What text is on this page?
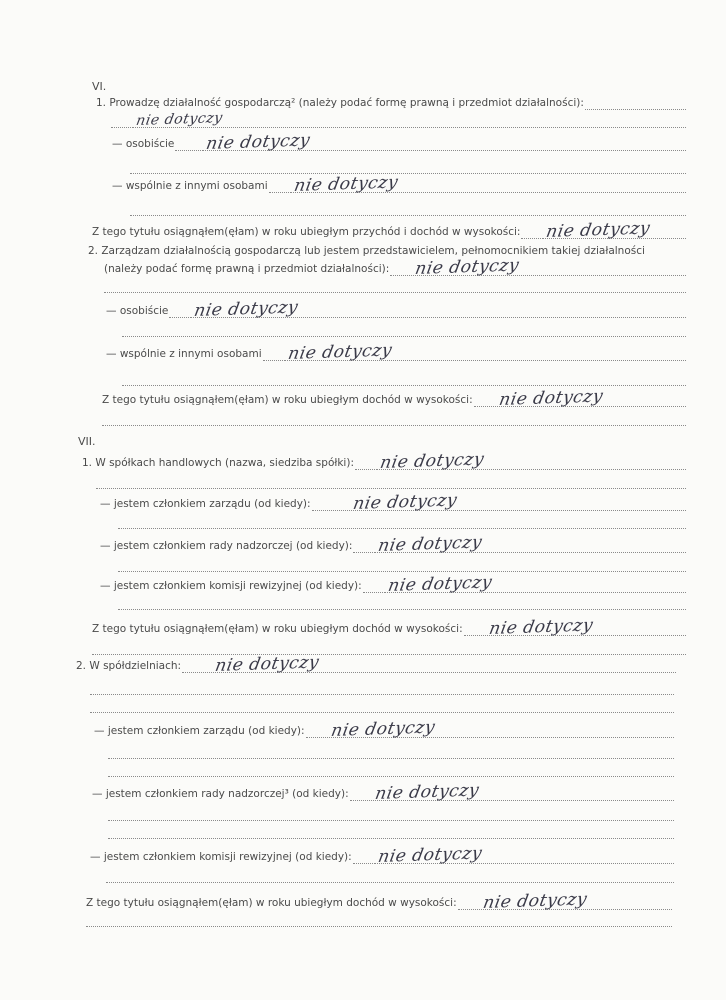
VI.
1. Prowadzę działalność gospodarczą² (należy podać formę prawną i przedmiot działalności):
nie dotyczy
— osobiście nie dotyczy
— wspólnie z innymi osobami nie dotyczy
Z tego tytułu osiągnąłem(ęłam) w roku ubiegłym przychód i dochód w wysokości: nie dotyczy
2. Zarządzam działalnością gospodarczą lub jestem przedstawicielem, pełnomocnikiem takiej działalności
(należy podać formę prawną i przedmiot działalności): nie dotyczy
— osobiście nie dotyczy
— wspólnie z innymi osobami nie dotyczy
Z tego tytułu osiągnąłem(ęłam) w roku ubiegłym dochód w wysokości: nie dotyczy
VII.
1. W spółkach handlowych (nazwa, siedziba spółki): nie dotyczy
— jestem członkiem zarządu (od kiedy): nie dotyczy
— jestem członkiem rady nadzorczej (od kiedy): nie dotyczy
— jestem członkiem komisji rewizyjnej (od kiedy): nie dotyczy
Z tego tytułu osiągnąłem(ęłam) w roku ubiegłym dochód w wysokości: nie dotyczy
2. W spółdzielniach: nie dotyczy
— jestem członkiem zarządu (od kiedy): nie dotyczy
— jestem członkiem rady nadzorczej³ (od kiedy): nie dotyczy
— jestem członkiem komisji rewizyjnej (od kiedy): nie dotyczy
Z tego tytułu osiągnąłem(ęłam) w roku ubiegłym dochód w wysokości: nie dotyczy
